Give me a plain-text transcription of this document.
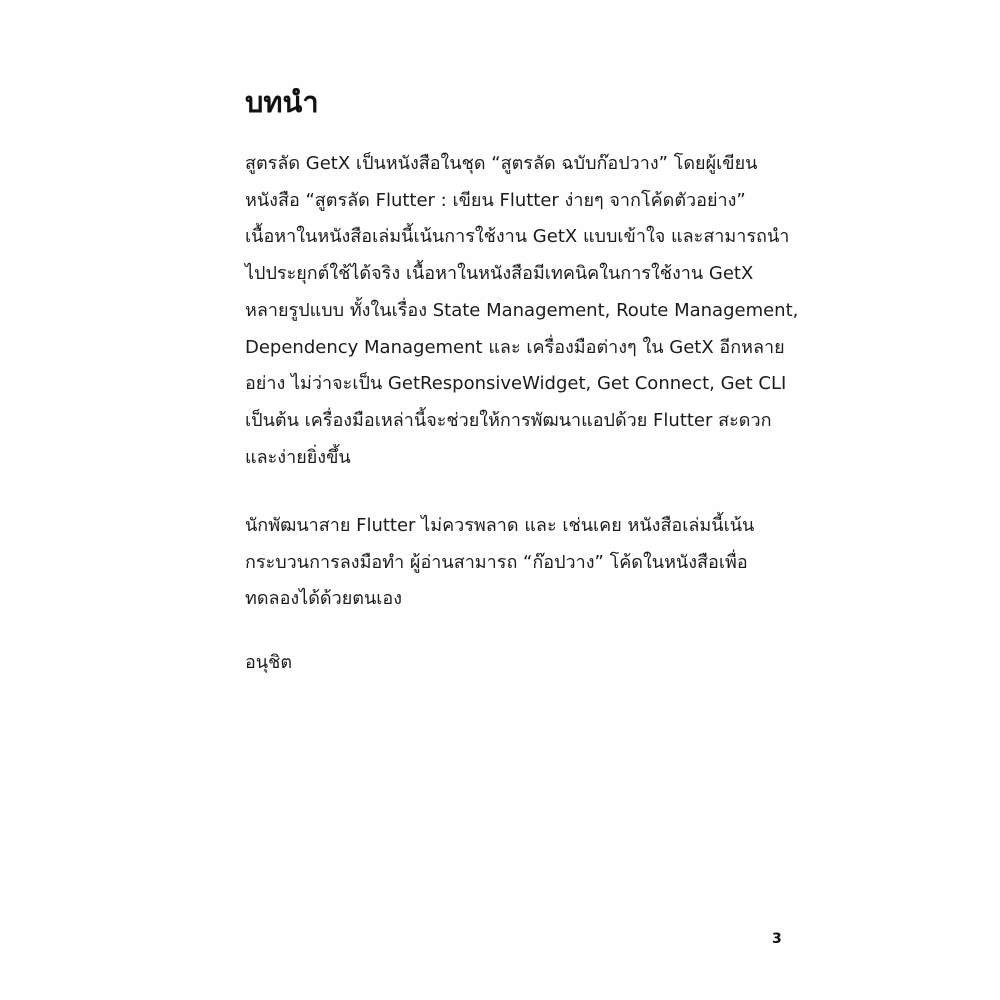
บทนำ
สูตรลัด GetX เป็นหนังสือในชุด “สูตรลัด ฉบับก๊อปวาง” โดยผู้เขียน
หนังสือ “สูตรลัด Flutter : เขียน Flutter ง่ายๆ จากโค้ดตัวอย่าง”
เนื้อหาในหนังสือเล่มนี้เน้นการใช้งาน GetX แบบเข้าใจ และสามารถนำ
ไปประยุกต์ใช้ได้จริง เนื้อหาในหนังสือมีเทคนิคในการใช้งาน GetX
หลายรูปแบบ ทั้งในเรื่อง State Management, Route Management,
Dependency Management และ เครื่องมือต่างๆ ใน GetX อีกหลาย
อย่าง ไม่ว่าจะเป็น GetResponsiveWidget, Get Connect, Get CLI
เป็นต้น เครื่องมือเหล่านี้จะช่วยให้การพัฒนาแอปด้วย Flutter สะดวก
และง่ายยิ่งขึ้น
นักพัฒนาสาย Flutter ไม่ควรพลาด และ เช่นเคย หนังสือเล่มนี้เน้น
กระบวนการลงมือทำ ผู้อ่านสามารถ “ก๊อปวาง” โค้ดในหนังสือเพื่อ
ทดลองได้ด้วยตนเอง

อนุชิต

3
